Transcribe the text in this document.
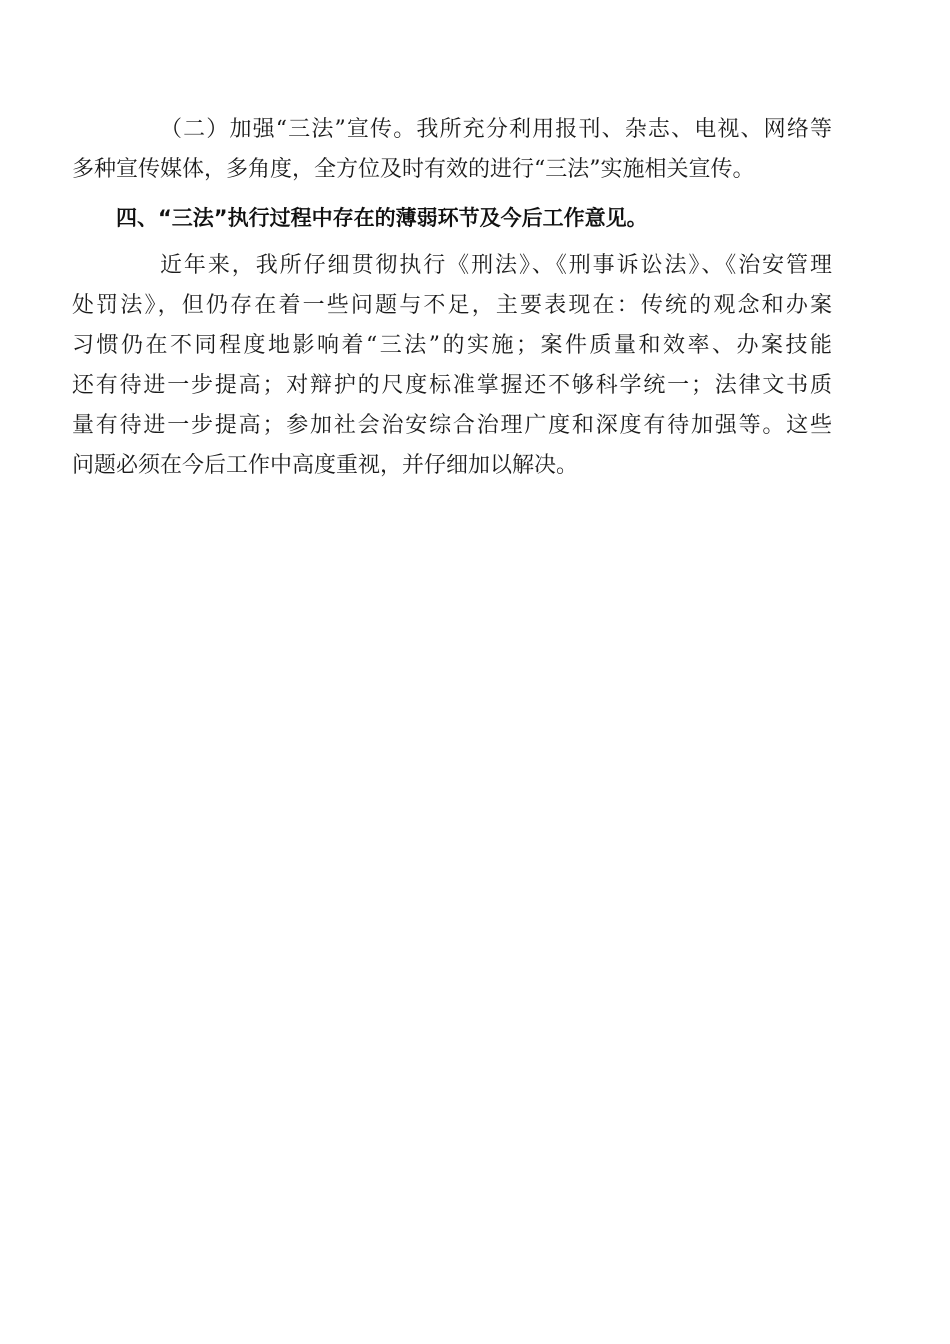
（二）加强“三法”宣传。我所充分利用报刊、杂志、电视、网络等
多种宣传媒体，多角度，全方位及时有效的进行“三法”实施相关宣传。

四、“三法”执行过程中存在的薄弱环节及今后工作意见。

近年来，我所仔细贯彻执行《刑法》、《刑事诉讼法》、《治安管理
处罚法》，但仍存在着一些问题与不足，主要表现在：传统的观念和办案
习惯仍在不同程度地影响着“三法”的实施；案件质量和效率、办案技能
还有待进一步提高；对辩护的尺度标准掌握还不够科学统一；法律文书质
量有待进一步提高；参加社会治安综合治理广度和深度有待加强等。这些
问题必须在今后工作中高度重视，并仔细加以解决。
